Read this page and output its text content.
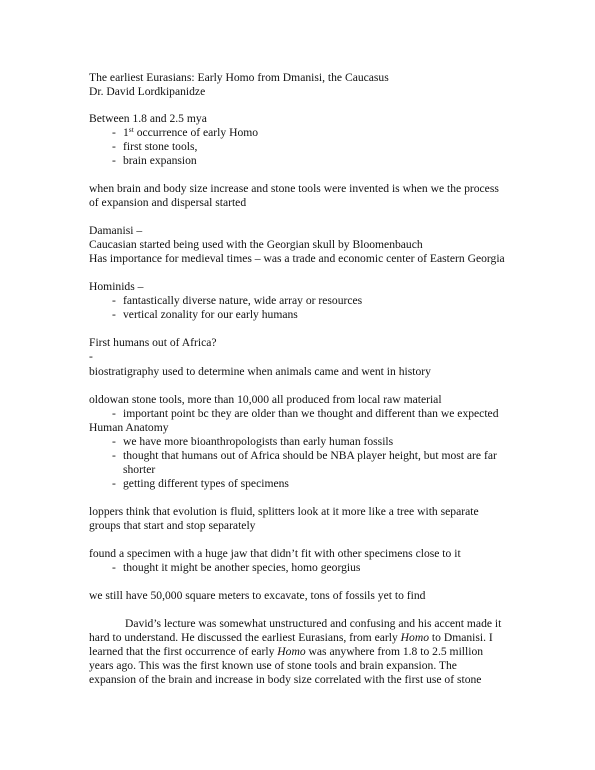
The earliest Eurasians: Early Homo from Dmanisi, the Caucasus
Dr. David Lordkipanidze
Between 1.8 and 2.5 mya
- 1st occurrence of early Homo
- first stone tools,
- brain expansion
when brain and body size increase and stone tools were invented is when we the process
of expansion and dispersal started
Damanisi –
Caucasian started being used with the Georgian skull by Bloomenbauch
Has importance for medieval times – was a trade and economic center of Eastern Georgia
Hominids –
- fantastically diverse nature, wide array or resources
- vertical zonality for our early humans
First humans out of Africa?
-
biostratigraphy used to determine when animals came and went in history
oldowan stone tools, more than 10,000 all produced from local raw material
- important point bc they are older than we thought and different than we expected
Human Anatomy
- we have more bioanthropologists than early human fossils
- thought that humans out of Africa should be NBA player height, but most are far
shorter
- getting different types of specimens
loppers think that evolution is fluid, splitters look at it more like a tree with separate
groups that start and stop separately
found a specimen with a huge jaw that didn’t fit with other specimens close to it
- thought it might be another species, homo georgius
we still have 50,000 square meters to excavate, tons of fossils yet to find
David’s lecture was somewhat unstructured and confusing and his accent made it
hard to understand. He discussed the earliest Eurasians, from early Homo to Dmanisi. I
learned that the first occurrence of early Homo was anywhere from 1.8 to 2.5 million
years ago. This was the first known use of stone tools and brain expansion. The
expansion of the brain and increase in body size correlated with the first use of stone
